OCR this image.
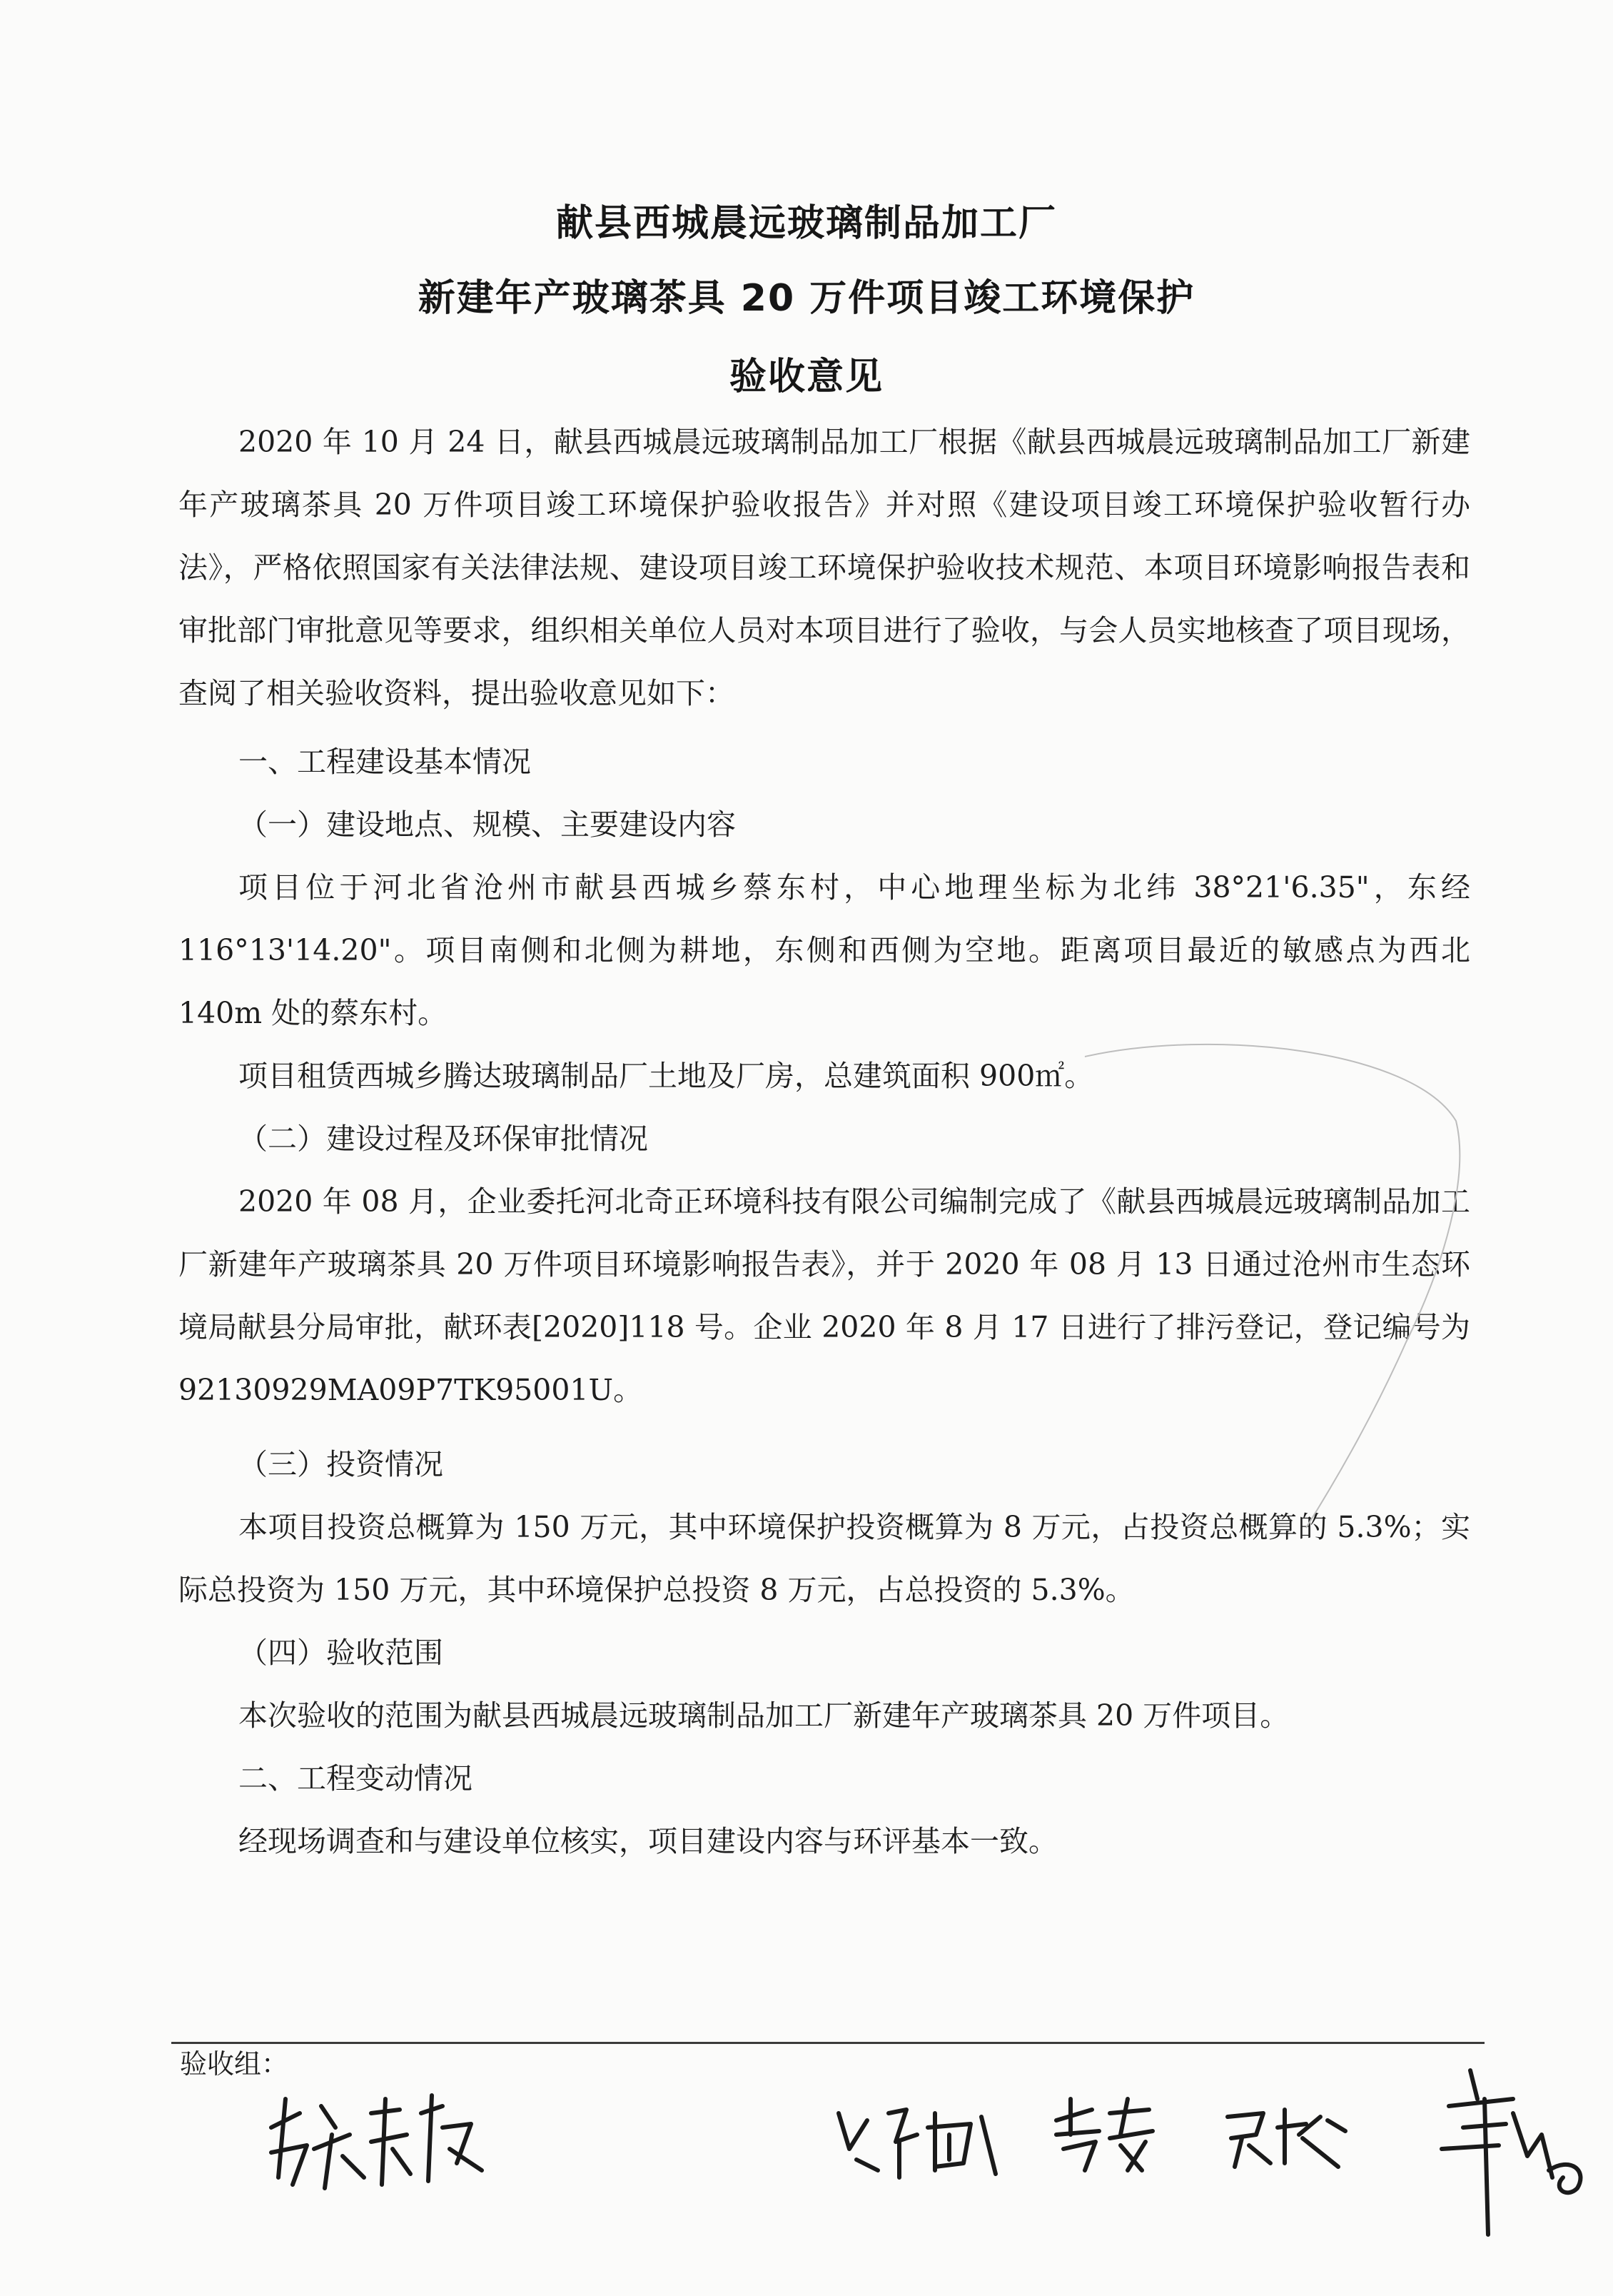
献县西城晨远玻璃制品加工厂
新建年产玻璃茶具 20 万件项目竣工环境保护
验收意见

2020 年 10 月 24 日，献县西城晨远玻璃制品加工厂根据《献县西城晨远玻璃制品加工厂新建年产玻璃茶具 20 万件项目竣工环境保护验收报告》并对照《建设项目竣工环境保护验收暂行办法》，严格依照国家有关法律法规、建设项目竣工环境保护验收技术规范、本项目环境影响报告表和审批部门审批意见等要求，组织相关单位人员对本项目进行了验收，与会人员实地核查了项目现场，查阅了相关验收资料，提出验收意见如下：

一、工程建设基本情况

（一）建设地点、规模、主要建设内容

项目位于河北省沧州市献县西城乡蔡东村，中心地理坐标为北纬 38°21'6.35"，东经 116°13'14.20"。项目南侧和北侧为耕地，东侧和西侧为空地。距离项目最近的敏感点为西北 140m 处的蔡东村。

项目租赁西城乡腾达玻璃制品厂土地及厂房，总建筑面积 900㎡。

（二）建设过程及环保审批情况

2020 年 08 月，企业委托河北奇正环境科技有限公司编制完成了《献县西城晨远玻璃制品加工厂新建年产玻璃茶具 20 万件项目环境影响报告表》，并于 2020 年 08 月 13 日通过沧州市生态环境局献县分局审批，献环表[2020]118 号。企业 2020 年 8 月 17 日进行了排污登记，登记编号为 92130929MA09P7TK95001U。

（三）投资情况

本项目投资总概算为 150 万元，其中环境保护投资概算为 8 万元，占投资总概算的 5.3%；实际总投资为 150 万元，其中环境保护总投资 8 万元，占总投资的 5.3%。

（四）验收范围

本次验收的范围为献县西城晨远玻璃制品加工厂新建年产玻璃茶具 20 万件项目。

二、工程变动情况

经现场调查和与建设单位核实，项目建设内容与环评基本一致。

验收组：
